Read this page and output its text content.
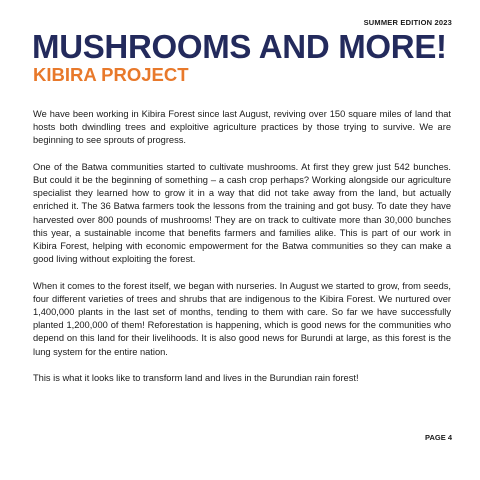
SUMMER EDITION 2023
MUSHROOMS AND MORE!
KIBIRA PROJECT

We have been working in Kibira Forest since last August, reviving over 150 square miles of land that hosts both dwindling trees and exploitive agriculture practices by those trying to survive. We are beginning to see sprouts of progress.

One of the Batwa communities started to cultivate mushrooms. At first they grew just 542 bunches. But could it be the beginning of something – a cash crop perhaps? Working alongside our agriculture specialist they learned how to grow it in a way that did not take away from the land, but actually enriched it. The 36 Batwa farmers took the lessons from the training and got busy. To date they have harvested over 800 pounds of mushrooms! They are on track to cultivate more than 30,000 bunches this year, a sustainable income that benefits farmers and families alike. This is part of our work in Kibira Forest, helping with economic empowerment for the Batwa communities so they can make a good living without exploiting the forest.

When it comes to the forest itself, we began with nurseries. In August we started to grow, from seeds, four different varieties of trees and shrubs that are indigenous to the Kibira Forest. We nurtured over 1,400,000 plants in the last set of months, tending to them with care. So far we have successfully planted 1,200,000 of them! Reforestation is happening, which is good news for the communities who depend on this land for their livelihoods. It is also good news for Burundi at large, as this forest is the lung system for the entire nation.

This is what it looks like to transform land and lives in the Burundian rain forest!

PAGE 4
